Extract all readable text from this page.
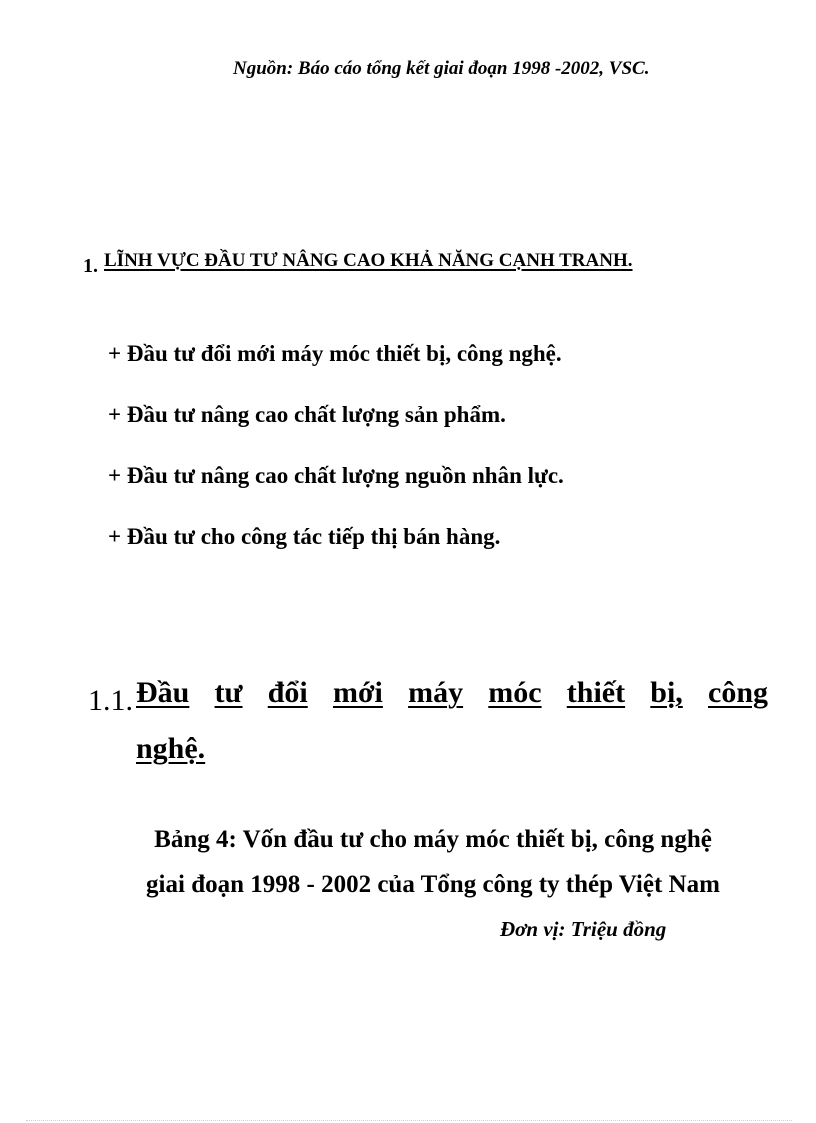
Nguồn: Báo cáo tổng kết giai đoạn 1998 -2002, VSC.
1. LĨNH VỰC ĐẦU TƯ NÂNG CAO KHẢ NĂNG CẠNH TRANH.
+ Đầu tư đổi mới máy móc thiết bị, công nghệ.
+ Đầu tư nâng cao chất lượng sản phẩm.
+ Đầu tư nâng cao chất lượng nguồn nhân lực.
+ Đầu tư cho công tác tiếp thị bán hàng.
1.1. Đầu tư đổi mới máy móc thiết bị, công
nghệ.
Bảng 4: Vốn đầu tư cho máy móc thiết bị, công nghệ
giai đoạn 1998 - 2002 của Tổng công ty thép Việt Nam
Đơn vị: Triệu đồng
